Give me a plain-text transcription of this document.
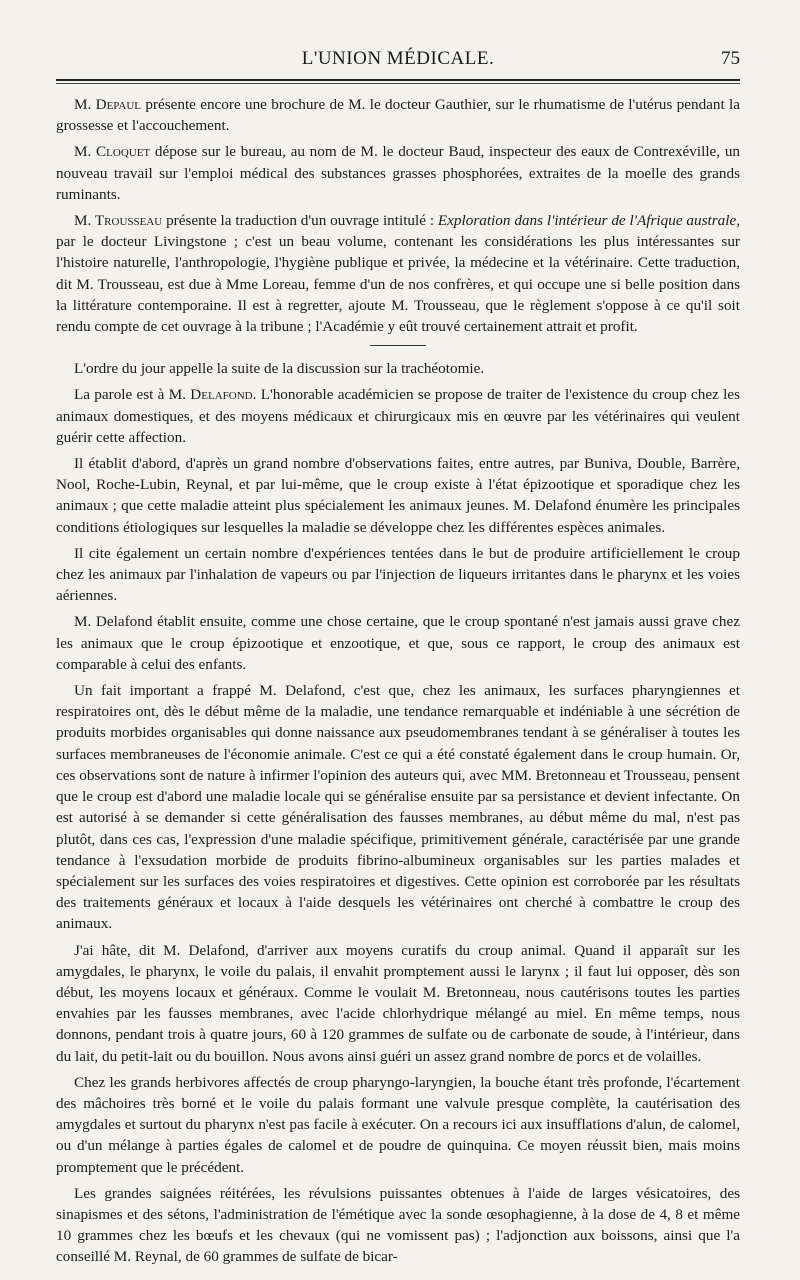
L'UNION MÉDICALE.	75

M. Depaul présente encore une brochure de M. le docteur Gauthier, sur le rhumatisme de l'utérus pendant la grossesse et l'accouchement.

M. Cloquet dépose sur le bureau, au nom de M. le docteur Baud, inspecteur des eaux de Contrexéville, un nouveau travail sur l'emploi médical des substances grasses phosphorées, extraites de la moelle des grands ruminants.

M. Trousseau présente la traduction d'un ouvrage intitulé : Exploration dans l'intérieur de l'Afrique australe, par le docteur Livingstone ; c'est un beau volume, contenant les considérations les plus intéressantes sur l'histoire naturelle, l'anthropologie, l'hygiène publique et privée, la médecine et la vétérinaire. Cette traduction, dit M. Trousseau, est due à Mme Loreau, femme d'un de nos confrères, et qui occupe une si belle position dans la littérature contemporaine. Il est à regretter, ajoute M. Trousseau, que le règlement s'oppose à ce qu'il soit rendu compte de cet ouvrage à la tribune ; l'Académie y eût trouvé certainement attrait et profit.

L'ordre du jour appelle la suite de la discussion sur la trachéotomie.

La parole est à M. Delafond. L'honorable académicien se propose de traiter de l'existence du croup chez les animaux domestiques, et des moyens médicaux et chirurgicaux mis en œuvre par les vétérinaires qui veulent guérir cette affection.

Il établit d'abord, d'après un grand nombre d'observations faites, entre autres, par Buniva, Double, Barrère, Nool, Roche-Lubin, Reynal, et par lui-même, que le croup existe à l'état épizootique et sporadique chez les animaux ; que cette maladie atteint plus spécialement les animaux jeunes. M. Delafond énumère les principales conditions étiologiques sur lesquelles la maladie se développe chez les différentes espèces animales.

Il cite également un certain nombre d'expériences tentées dans le but de produire artificiellement le croup chez les animaux par l'inhalation de vapeurs ou par l'injection de liqueurs irritantes dans le pharynx et les voies aériennes.

M. Delafond établit ensuite, comme une chose certaine, que le croup spontané n'est jamais aussi grave chez les animaux que le croup épizootique et enzootique, et que, sous ce rapport, le croup des animaux est comparable à celui des enfants.

Un fait important a frappé M. Delafond, c'est que, chez les animaux, les surfaces pharyngiennes et respiratoires ont, dès le début même de la maladie, une tendance remarquable et indéniable à une sécrétion de produits morbides organisables qui donne naissance aux pseudomembranes tendant à se généraliser à toutes les surfaces membraneuses de l'économie animale. C'est ce qui a été constaté également dans le croup humain. Or, ces observations sont de nature à infirmer l'opinion des auteurs qui, avec MM. Bretonneau et Trousseau, pensent que le croup est d'abord une maladie locale qui se généralise ensuite par sa persistance et devient infectante. On est autorisé à se demander si cette généralisation des fausses membranes, au début même du mal, n'est pas plutôt, dans ces cas, l'expression d'une maladie spécifique, primitivement générale, caractérisée par une grande tendance à l'exsudation morbide de produits fibrino-albumineux organisables sur les parties malades et spécialement sur les surfaces des voies respiratoires et digestives. Cette opinion est corroborée par les résultats des traitements généraux et locaux à l'aide desquels les vétérinaires ont cherché à combattre le croup des animaux.

J'ai hâte, dit M. Delafond, d'arriver aux moyens curatifs du croup animal. Quand il apparaît sur les amygdales, le pharynx, le voile du palais, il envahit promptement aussi le larynx ; il faut lui opposer, dès son début, les moyens locaux et généraux. Comme le voulait M. Bretonneau, nous cautérisons toutes les parties envahies par les fausses membranes, avec l'acide chlorhydrique mélangé au miel. En même temps, nous donnons, pendant trois à quatre jours, 60 à 120 grammes de sulfate ou de carbonate de soude, à l'intérieur, dans du lait, du petit-lait ou du bouillon. Nous avons ainsi guéri un assez grand nombre de porcs et de volailles.

Chez les grands herbivores affectés de croup pharyngo-laryngien, la bouche étant très profonde, l'écartement des mâchoires très borné et le voile du palais formant une valvule presque complète, la cautérisation des amygdales et surtout du pharynx n'est pas facile à exécuter. On a recours ici aux insufflations d'alun, de calomel, ou d'un mélange à parties égales de calomel et de poudre de quinquina. Ce moyen réussit bien, mais moins promptement que le précédent.

Les grandes saignées réitérées, les révulsions puissantes obtenues à l'aide de larges vésicatoires, des sinapismes et des sétons, l'administration de l'émétique avec la sonde œsophagienne, à la dose de 4, 8 et même 10 grammes chez les bœufs et les chevaux (qui ne vomissent pas) ; l'adjonction aux boissons, ainsi que l'a conseillé M. Reynal, de 60 grammes de sulfate de bicar-
